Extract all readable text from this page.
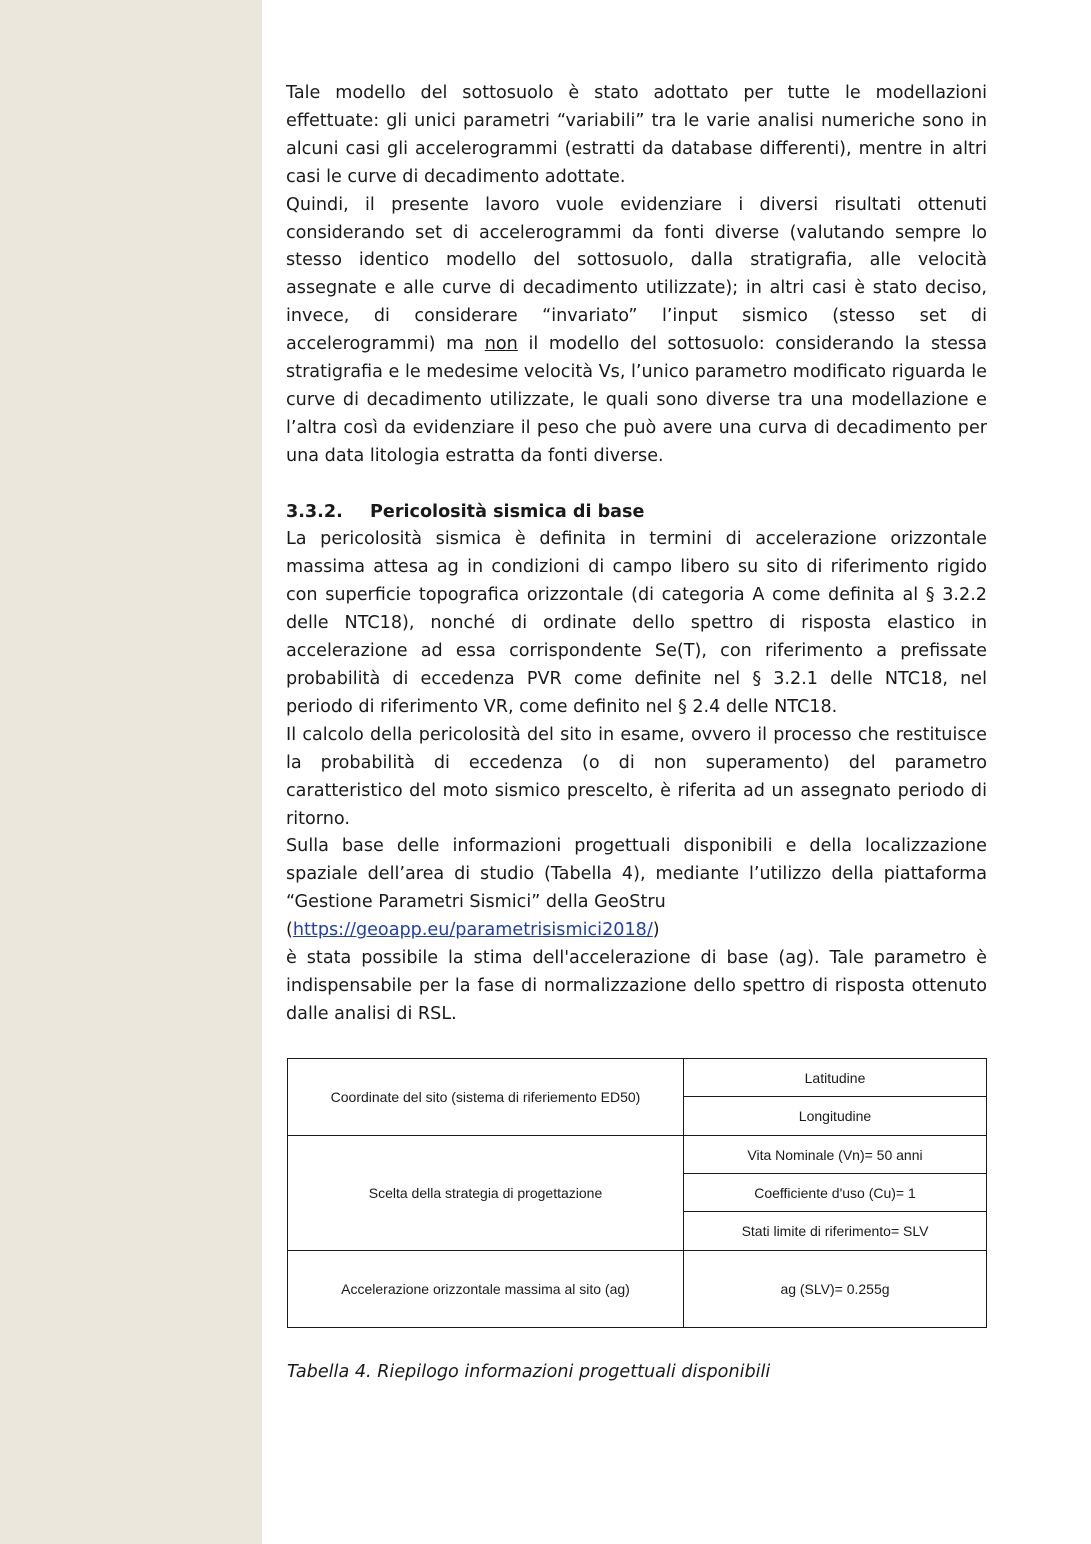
Tale modello del sottosuolo è stato adottato per tutte le modellazioni effettuate: gli unici parametri “variabili” tra le varie analisi numeriche sono in alcuni casi gli accelerogrammi (estratti da database differenti), mentre in altri casi le curve di decadimento adottate.

Quindi, il presente lavoro vuole evidenziare i diversi risultati ottenuti considerando set di accelerogrammi da fonti diverse (valutando sempre lo stesso identico modello del sottosuolo, dalla stratigrafia, alle velocità assegnate e alle curve di decadimento utilizzate); in altri casi è stato deciso, invece, di considerare “invariato” l’input sismico (stesso set di accelerogrammi) ma non il modello del sottosuolo: considerando la stessa stratigrafia e le medesime velocità Vs, l’unico parametro modificato riguarda le curve di decadimento utilizzate, le quali sono diverse tra una modellazione e l’altra così da evidenziare il peso che può avere una curva di decadimento per una data litologia estratta da fonti diverse.

3.3.2. Pericolosità sismica di base

La pericolosità sismica è definita in termini di accelerazione orizzontale massima attesa ag in condizioni di campo libero su sito di riferimento rigido con superficie topografica orizzontale (di categoria A come definita al § 3.2.2 delle NTC18), nonché di ordinate dello spettro di risposta elastico in accelerazione ad essa corrispondente Se(T), con riferimento a prefissate probabilità di eccedenza PVR come definite nel § 3.2.1 delle NTC18, nel periodo di riferimento VR, come definito nel § 2.4 delle NTC18.

Il calcolo della pericolosità del sito in esame, ovvero il processo che restituisce la probabilità di eccedenza (o di non superamento) del parametro caratteristico del moto sismico prescelto, è riferita ad un assegnato periodo di ritorno.

Sulla base delle informazioni progettuali disponibili e della localizzazione spaziale dell’area di studio (Tabella 4), mediante l’utilizzo della piattaforma “Gestione Parametri Sismici” della GeoStru

(https://geoapp.eu/parametrisismici2018/)

è stata possibile la stima dell'accelerazione di base (ag). Tale parametro è indispensabile per la fase di normalizzazione dello spettro di risposta ottenuto dalle analisi di RSL.

Coordinate del sito (sistema di riferiemento ED50)	Latitudine
	Longitudine
Scelta della strategia di progettazione	Vita Nominale (Vn)= 50 anni
	Coefficiente d'uso (Cu)= 1
	Stati limite di riferimento= SLV
Accelerazione orizzontale massima al sito (ag)	ag (SLV)= 0.255g
Tabella 4. Riepilogo informazioni progettuali disponibili
